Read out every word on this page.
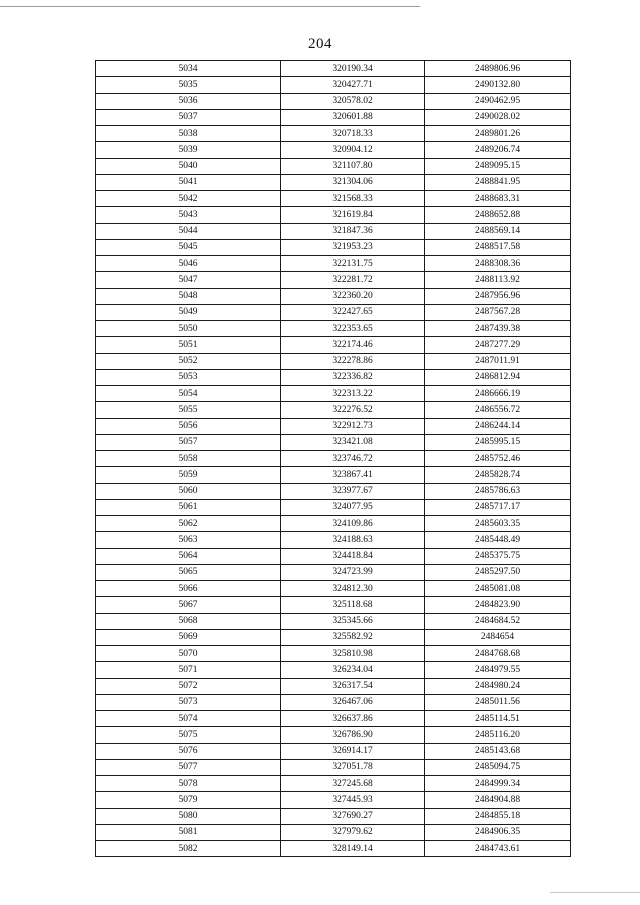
204
5034	320190.34	2489806.96
5035	320427.71	2490132.80
5036	320578.02	2490462.95
5037	320601.88	2490028.02
5038	320718.33	2489801.26
5039	320904.12	2489206.74
5040	321107.80	2489095.15
5041	321304.06	2488841.95
5042	321568.33	2488683.31
5043	321619.84	2488652.88
5044	321847.36	2488569.14
5045	321953.23	2488517.58
5046	322131.75	2488308.36
5047	322281.72	2488113.92
5048	322360.20	2487956.96
5049	322427.65	2487567.28
5050	322353.65	2487439.38
5051	322174.46	2487277.29
5052	322278.86	2487011.91
5053	322336.82	2486812.94
5054	322313.22	2486666.19
5055	322276.52	2486556.72
5056	322912.73	2486244.14
5057	323421.08	2485995.15
5058	323746.72	2485752.46
5059	323867.41	2485828.74
5060	323977.67	2485786.63
5061	324077.95	2485717.17
5062	324109.86	2485603.35
5063	324188.63	2485448.49
5064	324418.84	2485375.75
5065	324723.99	2485297.50
5066	324812.30	2485081.08
5067	325118.68	2484823.90
5068	325345.66	2484684.52
5069	325582.92	2484654
5070	325810.98	2484768.68
5071	326234.04	2484979.55
5072	326317.54	2484980.24
5073	326467.06	2485011.56
5074	326637.86	2485114.51
5075	326786.90	2485116.20
5076	326914.17	2485143.68
5077	327051.78	2485094.75
5078	327245.68	2484999.34
5079	327445.93	2484904.88
5080	327690.27	2484855.18
5081	327979.62	2484906.35
5082	328149.14	2484743.61
